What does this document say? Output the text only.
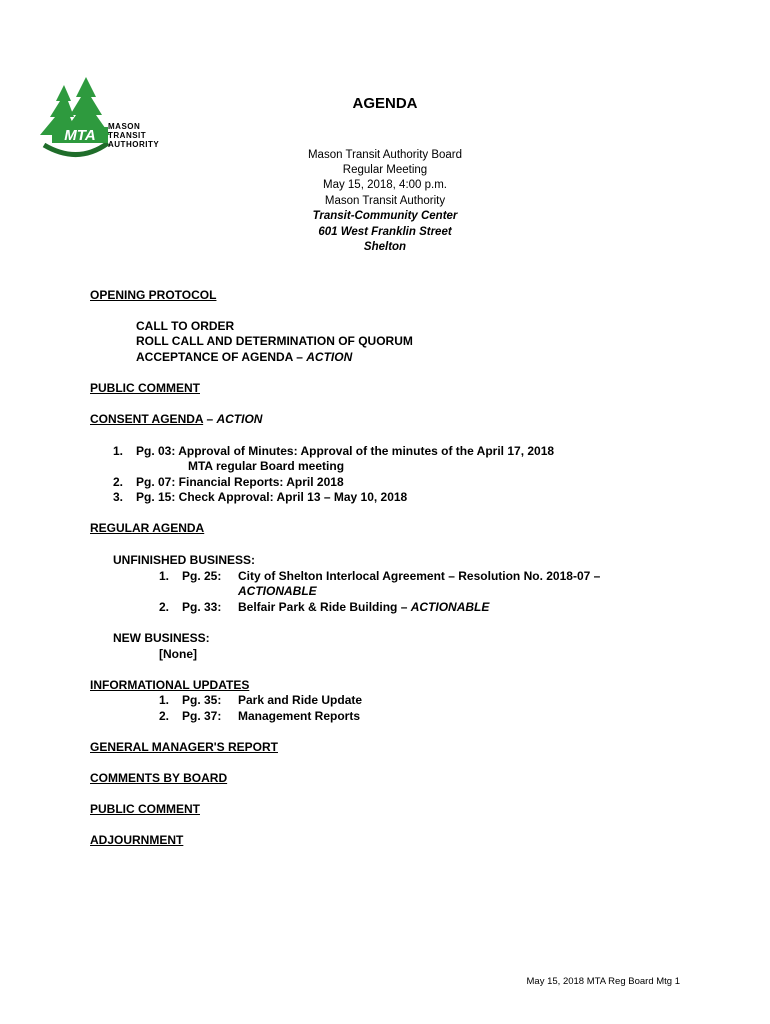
MTA
MASON
TRANSIT
AUTHORITY
AGENDA
Mason Transit Authority Board
Regular Meeting
May 15, 2018, 4:00 p.m.
Mason Transit Authority
Transit-Community Center
601 West Franklin Street
Shelton
OPENING PROTOCOL
CALL TO ORDER
ROLL CALL AND DETERMINATION OF QUORUM
ACCEPTANCE OF AGENDA – ACTION
PUBLIC COMMENT
CONSENT AGENDA – ACTION
1. Pg. 03: Approval of Minutes: Approval of the minutes of the April 17, 2018
MTA regular Board meeting
2. Pg. 07: Financial Reports: April 2018
3. Pg. 15: Check Approval: April 13 – May 10, 2018
REGULAR AGENDA
UNFINISHED BUSINESS:
1. Pg. 25: City of Shelton Interlocal Agreement – Resolution No. 2018-07 –
ACTIONABLE
2. Pg. 33: Belfair Park & Ride Building – ACTIONABLE
NEW BUSINESS:
[None]
INFORMATIONAL UPDATES
1. Pg. 35: Park and Ride Update
2. Pg. 37: Management Reports
GENERAL MANAGER'S REPORT
COMMENTS BY BOARD
PUBLIC COMMENT
ADJOURNMENT
May 15, 2018 MTA Reg Board Mtg 1
